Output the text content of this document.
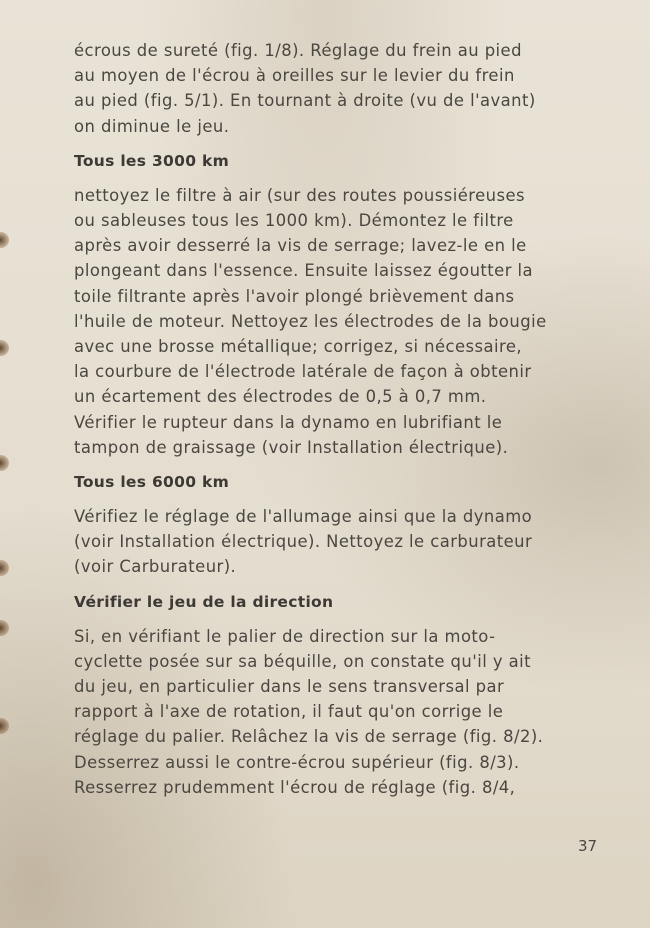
écrous de sureté (fig. 1/8). Réglage du frein au pied
au moyen de l'écrou à oreilles sur le levier du frein
au pied (fig. 5/1). En tournant à droite (vu de l'avant)
on diminue le jeu.

Tous les 3000 km

nettoyez le filtre à air (sur des routes poussiéreuses
ou sableuses tous les 1000 km). Démontez le filtre
après avoir desserré la vis de serrage; lavez-le en le
plongeant dans l'essence. Ensuite laissez égoutter la
toile filtrante après l'avoir plongé brièvement dans
l'huile de moteur. Nettoyez les électrodes de la bougie
avec une brosse métallique; corrigez, si nécessaire,
la courbure de l'électrode latérale de façon à obtenir
un écartement des électrodes de 0,5 à 0,7 mm.
Vérifier le rupteur dans la dynamo en lubrifiant le
tampon de graissage (voir Installation électrique).

Tous les 6000 km

Vérifiez le réglage de l'allumage ainsi que la dynamo
(voir Installation électrique). Nettoyez le carburateur
(voir Carburateur).

Vérifier le jeu de la direction

Si, en vérifiant le palier de direction sur la moto-
cyclette posée sur sa béquille, on constate qu'il y ait
du jeu, en particulier dans le sens transversal par
rapport à l'axe de rotation, il faut qu'on corrige le
réglage du palier. Relâchez la vis de serrage (fig. 8/2).
Desserrez aussi le contre-écrou supérieur (fig. 8/3).
Resserrez prudemment l'écrou de réglage (fig. 8/4,

37
